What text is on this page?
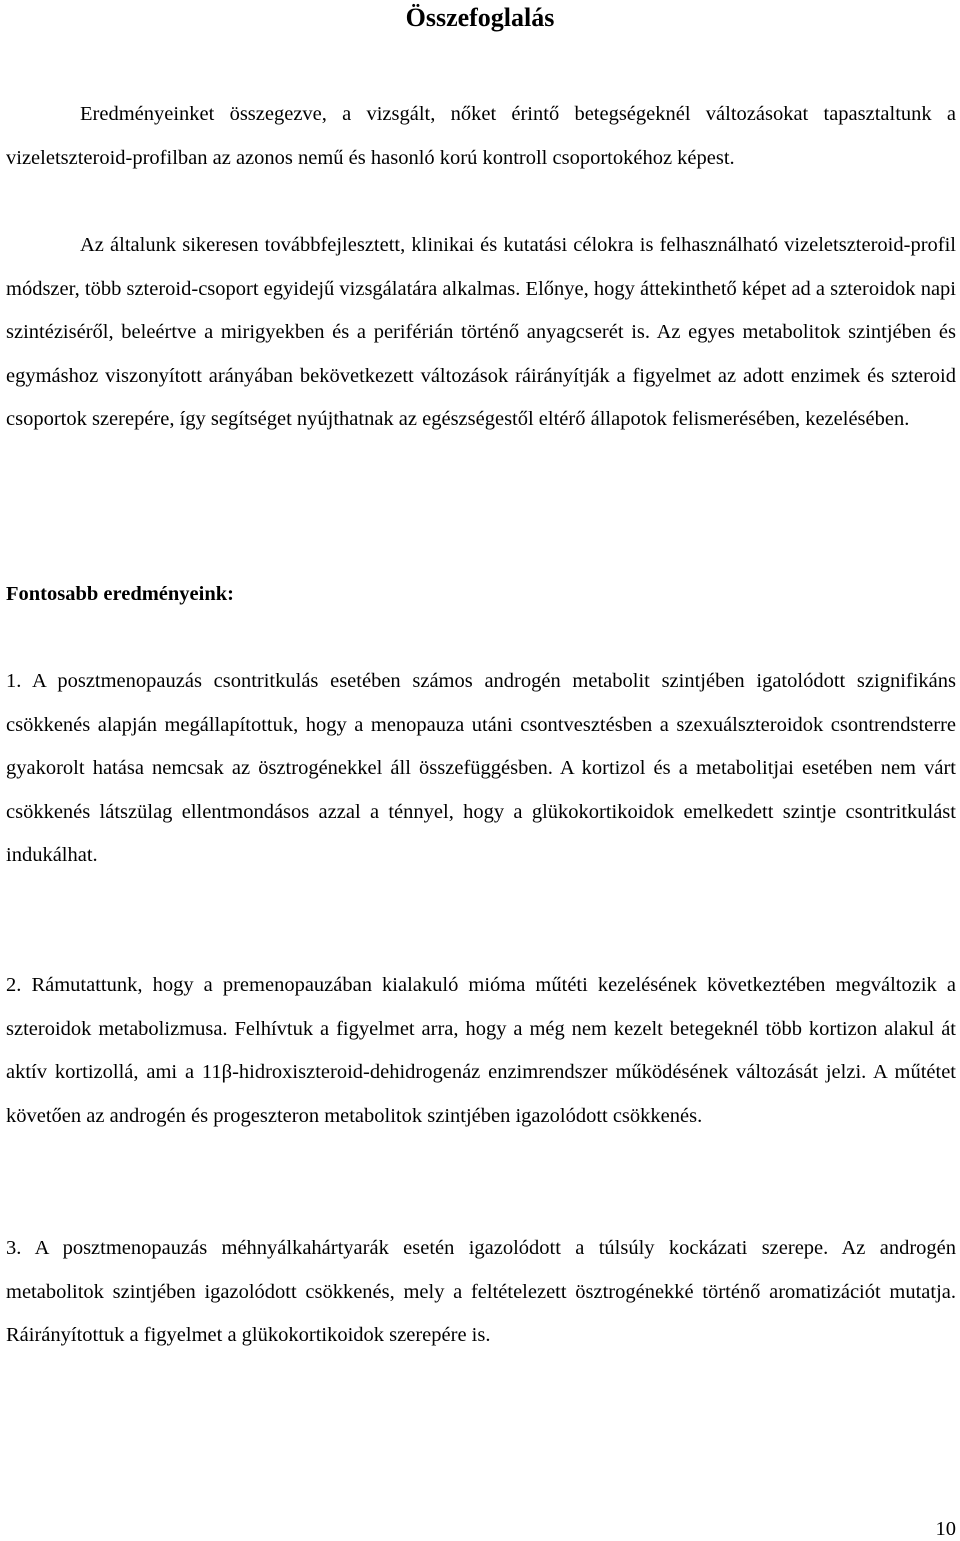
Összefoglalás

Eredményeinket összegezve, a vizsgált, nőket érintő betegségeknél változásokat tapasztaltunk a vizeletszteroid-profilban az azonos nemű és hasonló korú kontroll csoportokéhoz képest.

Az általunk sikeresen továbbfejlesztett, klinikai és kutatási célokra is felhasználható vizeletszteroid-profil módszer, több szteroid-csoport egyidejű vizsgálatára alkalmas. Előnye, hogy áttekinthető képet ad a szteroidok napi szintéziséről, beleértve a mirigyekben és a periférián történő anyagcserét is. Az egyes metabolitok szintjében és egymáshoz viszonyított arányában bekövetkezett változások ráirányítják a figyelmet az adott enzimek és szteroid csoportok szerepére, így segítséget nyújthatnak az egészségestől eltérő állapotok felismerésében, kezelésében.

Fontosabb eredményeink:

1. A posztmenopauzás csontritkulás esetében számos androgén metabolit szintjében igatolódott szignifikáns csökkenés alapján megállapítottuk, hogy a menopauza utáni csontvesztésben a szexuálszteroidok csontrendsterre gyakorolt hatása nemcsak az ösztrogénekkel áll összefüggésben. A kortizol és a metabolitjai esetében nem várt csökkenés látszülag ellentmondásos azzal a ténnyel, hogy a glükokortikoidok emelkedett szintje csontritkulást indukálhat.

2. Rámutattunk, hogy a premenopauzában kialakuló mióma műtéti kezelésének következtében megváltozik a szteroidok metabolizmusa. Felhívtuk a figyelmet arra, hogy a még nem kezelt betegeknél több kortizon alakul át aktív kortizollá, ami a 11β-hidroxiszteroid-dehidrogenáz enzimrendszer működésének változását jelzi. A műtétet követően az androgén és progeszteron metabolitok szintjében igazolódott csökkenés.

3. A posztmenopauzás méhnyálkahártyarák esetén igazolódott a túlsúly kockázati szerepe. Az androgén metabolitok szintjében igazolódott csökkenés, mely a feltételezett ösztrogénekké történő aromatizációt mutatja. Ráirányítottuk a figyelmet a glükokortikoidok szerepére is.

10
